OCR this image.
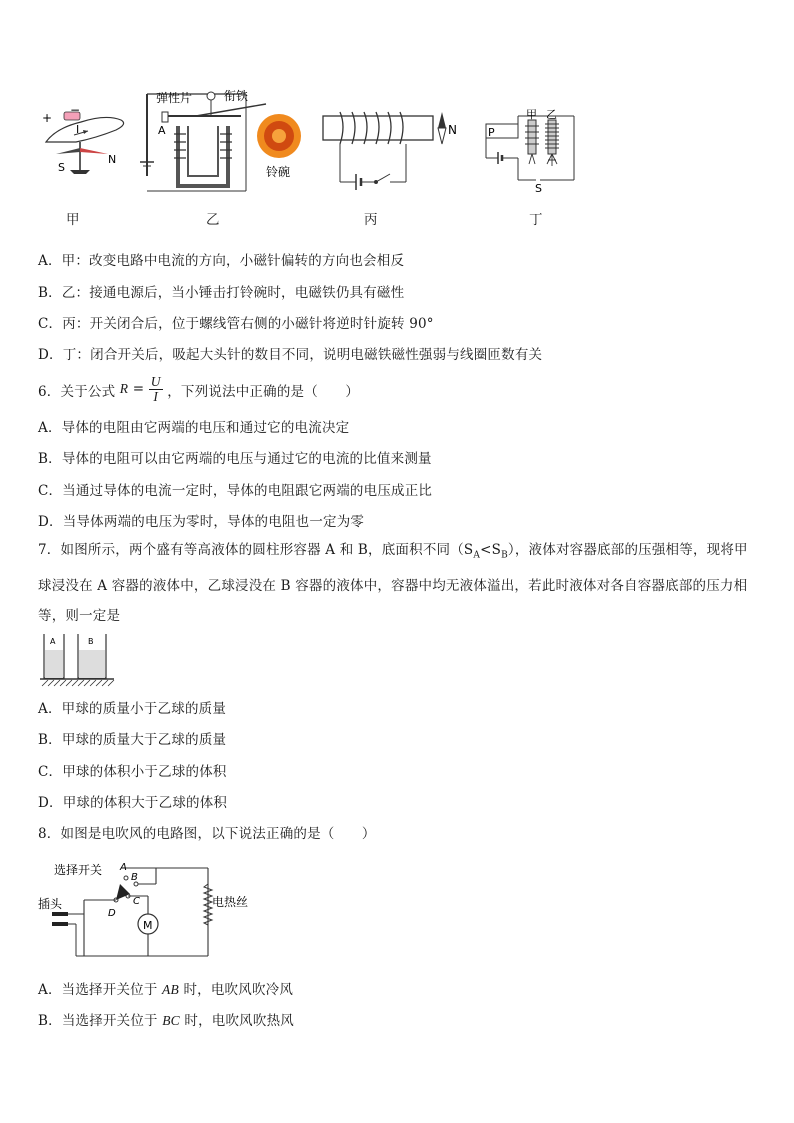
+
−
I
S
N
弹性片	衔铁
A
铃碗
N	P
甲 乙
S
甲	乙	丙	丁
A．甲：改变电路中电流的方向，小磁针偏转的方向也会相反
B．乙：接通电源后，当小锤击打铃碗时，电磁铁仍具有磁性
C．丙：开关闭合后，位于螺线管右侧的小磁针将逆时针旋转 90°
D．丁：闭合开关后，吸起大头针的数目不同，说明电磁铁磁性强弱与线圈匝数有关
6．关于公式 $R = \frac{U}{I}$ ，下列说法中正确的是（　　）
A．导体的电阻由它两端的电压和通过它的电流决定
B．导体的电阻可以由它两端的电压与通过它的电流的比值来测量
C．当通过导体的电流一定时，导体的电阻跟它两端的电压成正比
D．当导体两端的电压为零时，导体的电阻也一定为零
7．如图所示，两个盛有等高液体的圆柱形容器 A 和 B，底面积不同$(S_A<S_B)$，液体对容器底部的压强相等，现将甲球浸没在 A 容器的液体中，乙球浸没在 B 容器的液体中，容器中均无液体溢出，若此时液体对各自容器底部的压力相等，则一定是
A	B
A．甲球的质量小于乙球的质量
B．甲球的质量大于乙球的质量
C．甲球的体积小于乙球的体积
D．甲球的体积大于乙球的体积
8．如图是电吹风的电路图，以下说法正确的是（　　）
选择开关
插头	电热丝
M
A
B
C
D
A．当选择开关位于 AB 时，电吹风吹冷风
B．当选择开关位于 BC 时，电吹风吹热风
